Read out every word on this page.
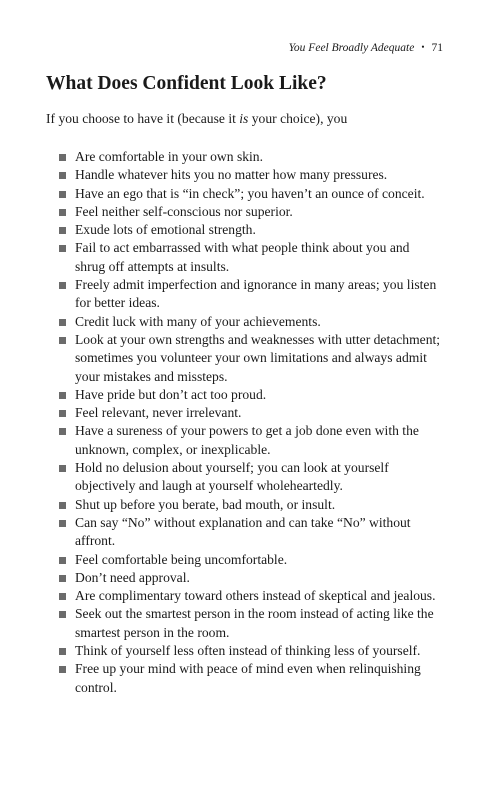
You Feel Broadly Adequate • 71
What Does Confident Look Like?

If you choose to have it (because it is your choice), you

Are comfortable in your own skin.
Handle whatever hits you no matter how many pressures.
Have an ego that is “in check”; you haven’t an ounce of conceit.
Feel neither self-conscious nor superior.
Exude lots of emotional strength.
Fail to act embarrassed with what people think about you and shrug off attempts at insults.
Freely admit imperfection and ignorance in many areas; you listen for better ideas.
Credit luck with many of your achievements.
Look at your own strengths and weaknesses with utter detachment; sometimes you volunteer your own limitations and always admit your mistakes and missteps.
Have pride but don’t act too proud.
Feel relevant, never irrelevant.
Have a sureness of your powers to get a job done even with the unknown, complex, or inexplicable.
Hold no delusion about yourself; you can look at yourself objectively and laugh at yourself wholeheartedly.
Shut up before you berate, bad mouth, or insult.
Can say “No” without explanation and can take “No” without affront.
Feel comfortable being uncomfortable.
Don’t need approval.
Are complimentary toward others instead of skeptical and jealous.
Seek out the smartest person in the room instead of acting like the smartest person in the room.
Think of yourself less often instead of thinking less of yourself.
Free up your mind with peace of mind even when relinquishing control.
